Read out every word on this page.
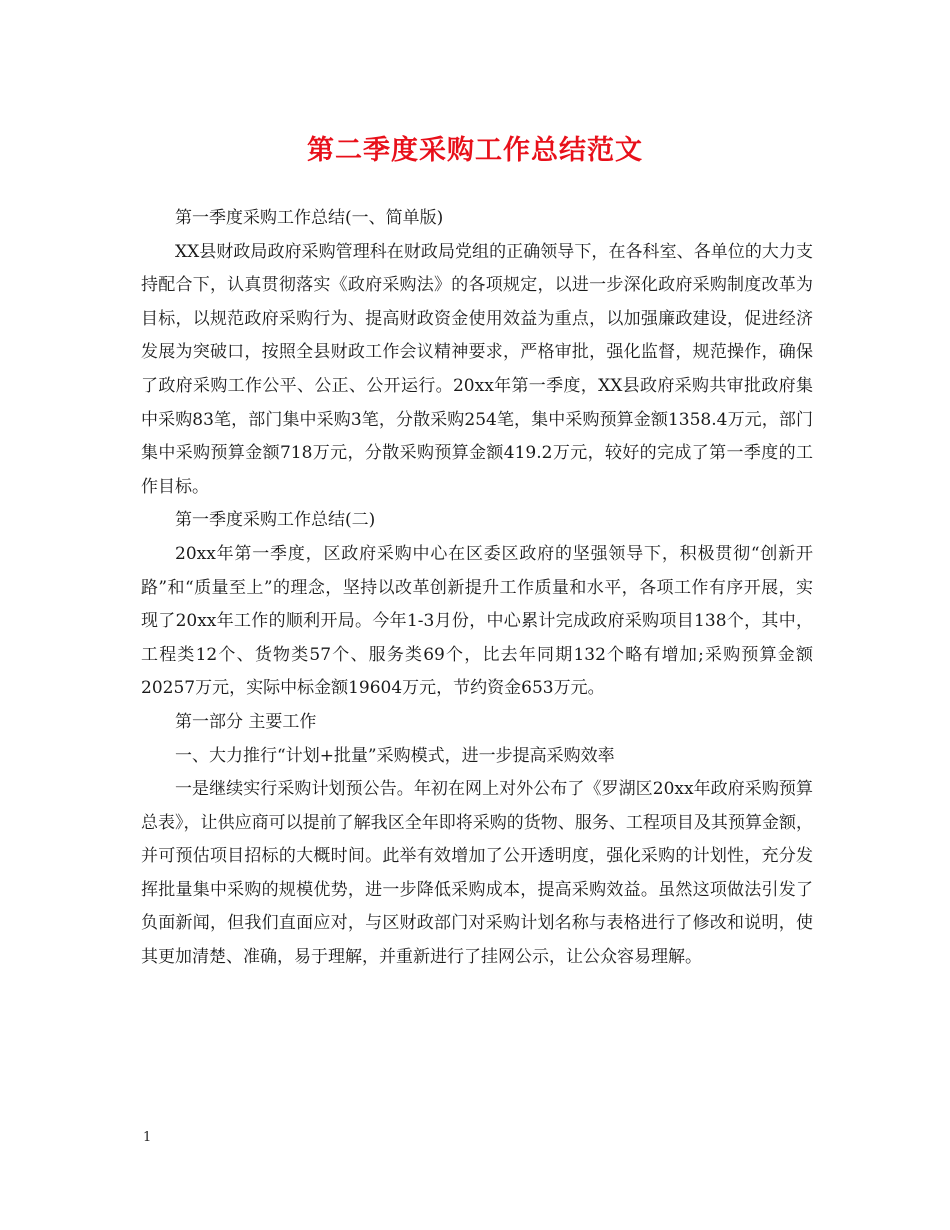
第二季度采购工作总结范文

第一季度采购工作总结(一、简单版)

XX县财政局政府采购管理科在财政局党组的正确领导下，在各科室、各单位的大力支持配合下，认真贯彻落实《政府采购法》的各项规定，以进一步深化政府采购制度改革为目标，以规范政府采购行为、提高财政资金使用效益为重点，以加强廉政建设，促进经济发展为突破口，按照全县财政工作会议精神要求，严格审批，强化监督，规范操作，确保了政府采购工作公平、公正、公开运行。20xx年第一季度，XX县政府采购共审批政府集中采购83笔，部门集中采购3笔，分散采购254笔，集中采购预算金额1358.4万元，部门集中采购预算金额718万元，分散采购预算金额419.2万元，较好的完成了第一季度的工作目标。

第一季度采购工作总结(二)

20xx年第一季度，区政府采购中心在区委区政府的坚强领导下，积极贯彻“创新开路”和“质量至上”的理念，坚持以改革创新提升工作质量和水平，各项工作有序开展，实现了20xx年工作的顺利开局。今年1-3月份，中心累计完成政府采购项目138个，其中，工程类12个、货物类57个、服务类69个，比去年同期132个略有增加;采购预算金额20257万元，实际中标金额19604万元，节约资金653万元。

第一部分 主要工作

一、大力推行“计划+批量”采购模式，进一步提高采购效率

一是继续实行采购计划预公告。年初在网上对外公布了《罗湖区20xx年政府采购预算总表》，让供应商可以提前了解我区全年即将采购的货物、服务、工程项目及其预算金额，并可预估项目招标的大概时间。此举有效增加了公开透明度，强化采购的计划性，充分发挥批量集中采购的规模优势，进一步降低采购成本，提高采购效益。虽然这项做法引发了负面新闻，但我们直面应对，与区财政部门对采购计划名称与表格进行了修改和说明，使其更加清楚、准确，易于理解，并重新进行了挂网公示，让公众容易理解。

1
